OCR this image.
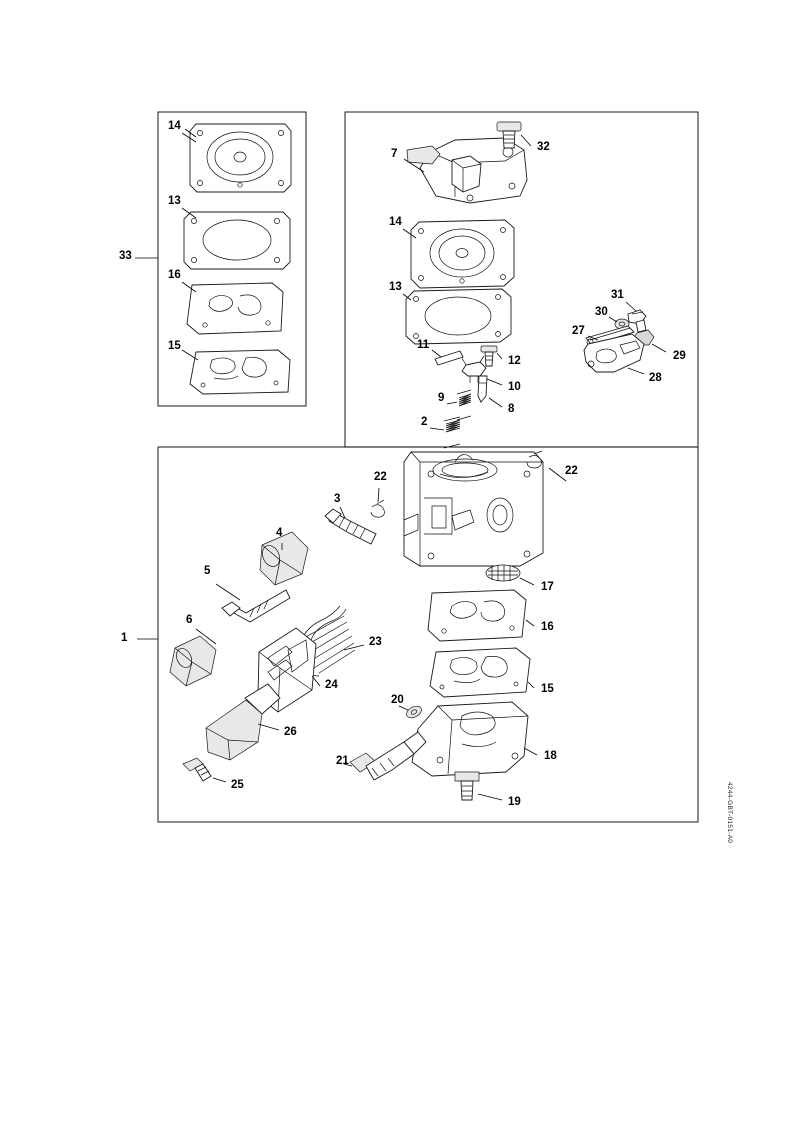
33
14
13
16
15
7
32
14
13
11
12
10
9
8
2
31
30
27
29
28
22	22
3
4
5
6
1
17
16
23
15
24
20
26
18
21
25
19	4244-GBT-0151-A0
